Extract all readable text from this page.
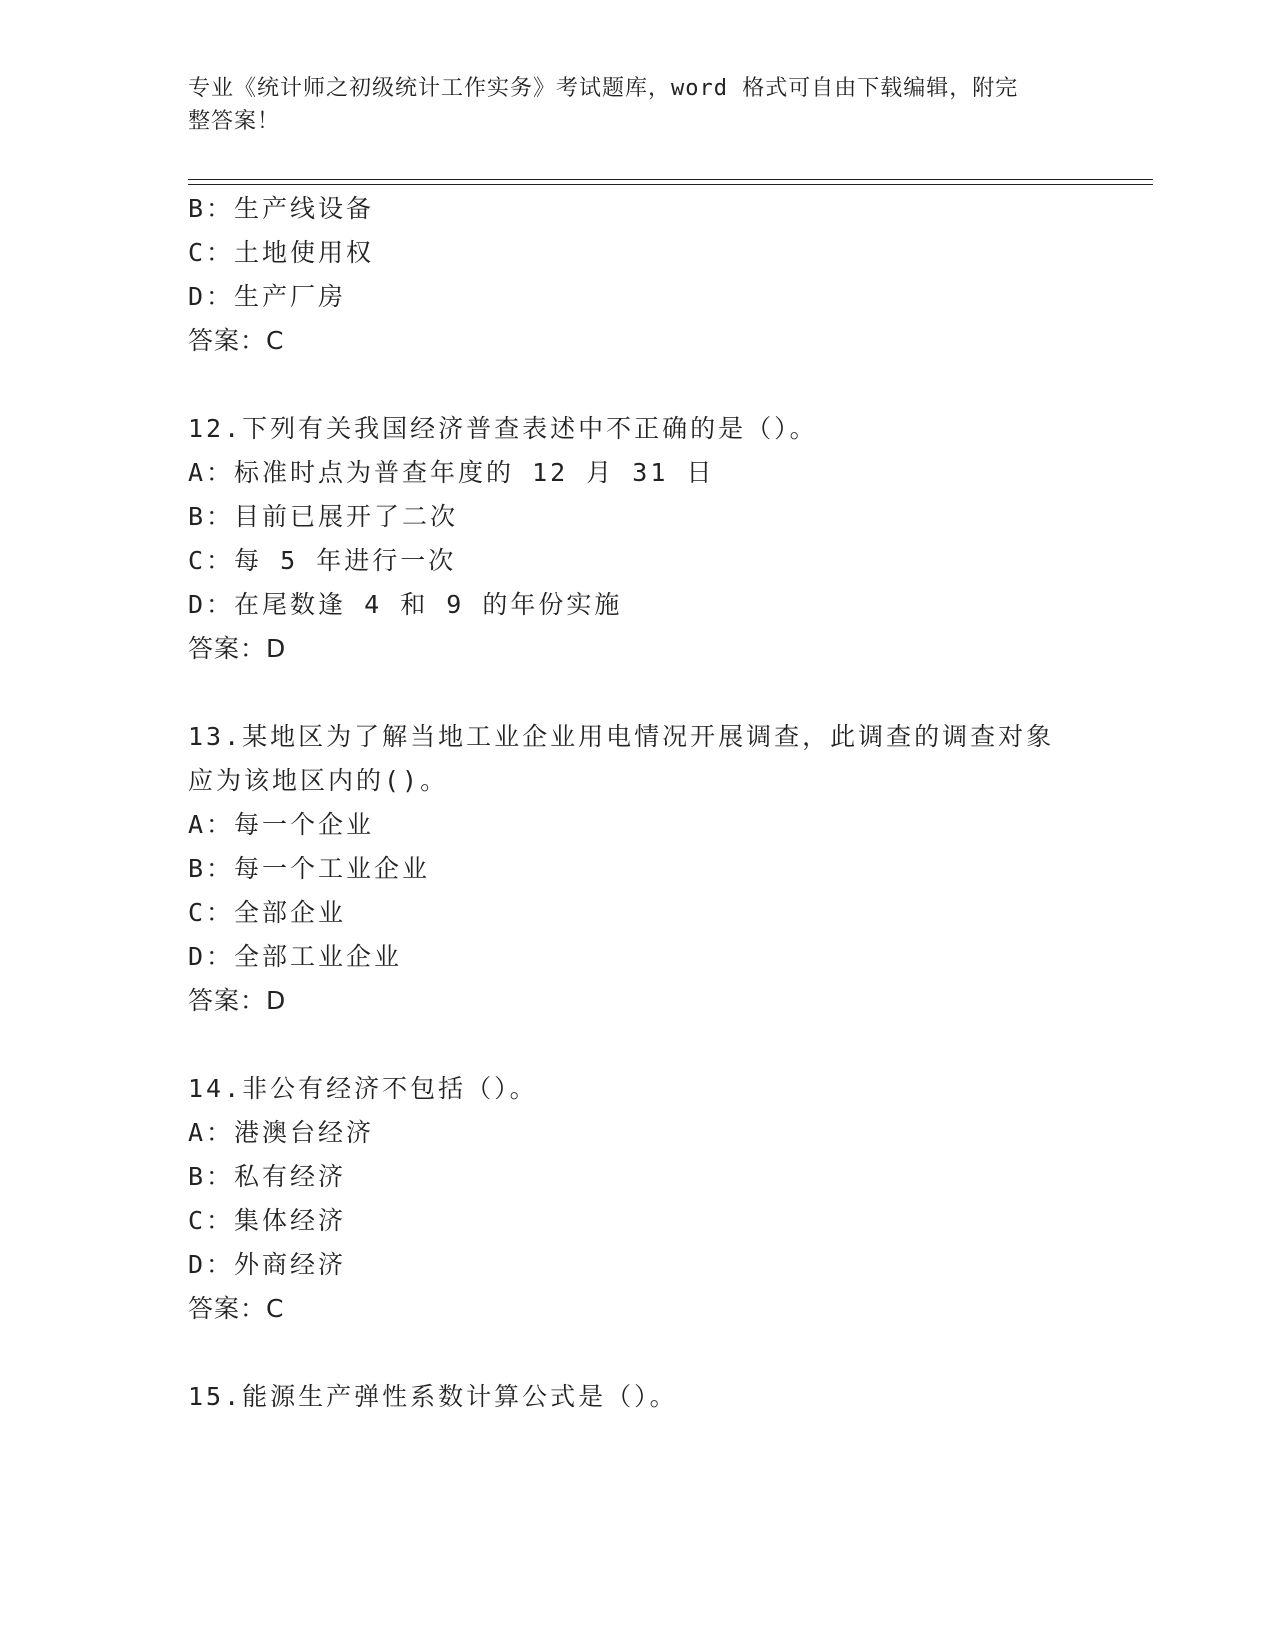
专业《统计师之初级统计工作实务》考试题库，word 格式可自由下载编辑，附完
整答案！
B：生产线设备
C：土地使用权
D：生产厂房
答案：C
12.下列有关我国经济普查表述中不正确的是（）。
A：标准时点为普查年度的 12 月 31 日
B：目前已展开了二次
C：每 5 年进行一次
D：在尾数逢 4 和 9 的年份实施
答案：D
13.某地区为了解当地工业企业用电情况开展调查，此调查的调查对象
应为该地区内的()。
A：每一个企业
B：每一个工业企业
C：全部企业
D：全部工业企业
答案：D
14.非公有经济不包括（）。
A：港澳台经济
B：私有经济
C：集体经济
D：外商经济
答案：C
15.能源生产弹性系数计算公式是（）。
